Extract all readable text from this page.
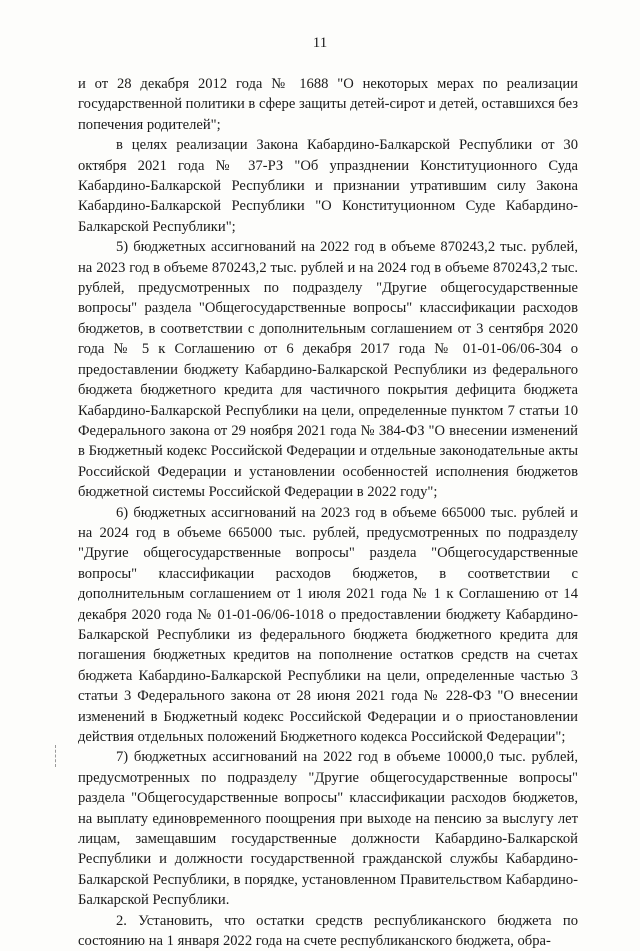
11

и от 28 декабря 2012 года № 1688 "О некоторых мерах по реализации государственной политики в сфере защиты детей-сирот и детей, оставшихся без попечения родителей";

в целях реализации Закона Кабардино-Балкарской Республики от 30 октября 2021 года № 37-РЗ "Об упразднении Конституционного Суда Кабардино-Балкарской Республики и признании утратившим силу Закона Кабардино-Балкарской Республики "О Конституционном Суде Кабардино-Балкарской Республики";

5) бюджетных ассигнований на 2022 год в объеме 870243,2 тыс. рублей, на 2023 год в объеме 870243,2 тыс. рублей и на 2024 год в объеме 870243,2 тыс. рублей, предусмотренных по подразделу "Другие общегосударственные вопросы" раздела "Общегосударственные вопросы" классификации расходов бюджетов, в соответствии с дополнительным соглашением от 3 сентября 2020 года № 5 к Соглашению от 6 декабря 2017 года № 01-01-06/06-304 о предоставлении бюджету Кабардино-Балкарской Республики из федерального бюджета бюджетного кредита для частичного покрытия дефицита бюджета Кабардино-Балкарской Республики на цели, определенные пунктом 7 статьи 10 Федерального закона от 29 ноября 2021 года № 384-ФЗ "О внесении изменений в Бюджетный кодекс Российской Федерации и отдельные законодательные акты Российской Федерации и установлении особенностей исполнения бюджетов бюджетной системы Российской Федерации в 2022 году";

6) бюджетных ассигнований на 2023 год в объеме 665000 тыс. рублей и на 2024 год в объеме 665000 тыс. рублей, предусмотренных по подразделу "Другие общегосударственные вопросы" раздела "Общегосударственные вопросы" классификации расходов бюджетов, в соответствии с дополнительным соглашением от 1 июля 2021 года № 1 к Соглашению от 14 декабря 2020 года № 01-01-06/06-1018 о предоставлении бюджету Кабардино-Балкарской Республики из федерального бюджета бюджетного кредита для погашения бюджетных кредитов на пополнение остатков средств на счетах бюджета Кабардино-Балкарской Республики на цели, определенные частью 3 статьи 3 Федерального закона от 28 июня 2021 года № 228-ФЗ "О внесении изменений в Бюджетный кодекс Российской Федерации и о приостановлении действия отдельных положений Бюджетного кодекса Российской Федерации";

7) бюджетных ассигнований на 2022 год в объеме 10000,0 тыс. рублей, предусмотренных по подразделу "Другие общегосударственные вопросы" раздела "Общегосударственные вопросы" классификации расходов бюджетов, на выплату единовременного поощрения при выходе на пенсию за выслугу лет лицам, замещавшим государственные должности Кабардино-Балкарской Республики и должности государственной гражданской службы Кабардино-Балкарской Республики, в порядке, установленном Правительством Кабардино-Балкарской Республики.

2. Установить, что остатки средств республиканского бюджета по состоянию на 1 января 2022 года на счете республиканского бюджета, обра-
